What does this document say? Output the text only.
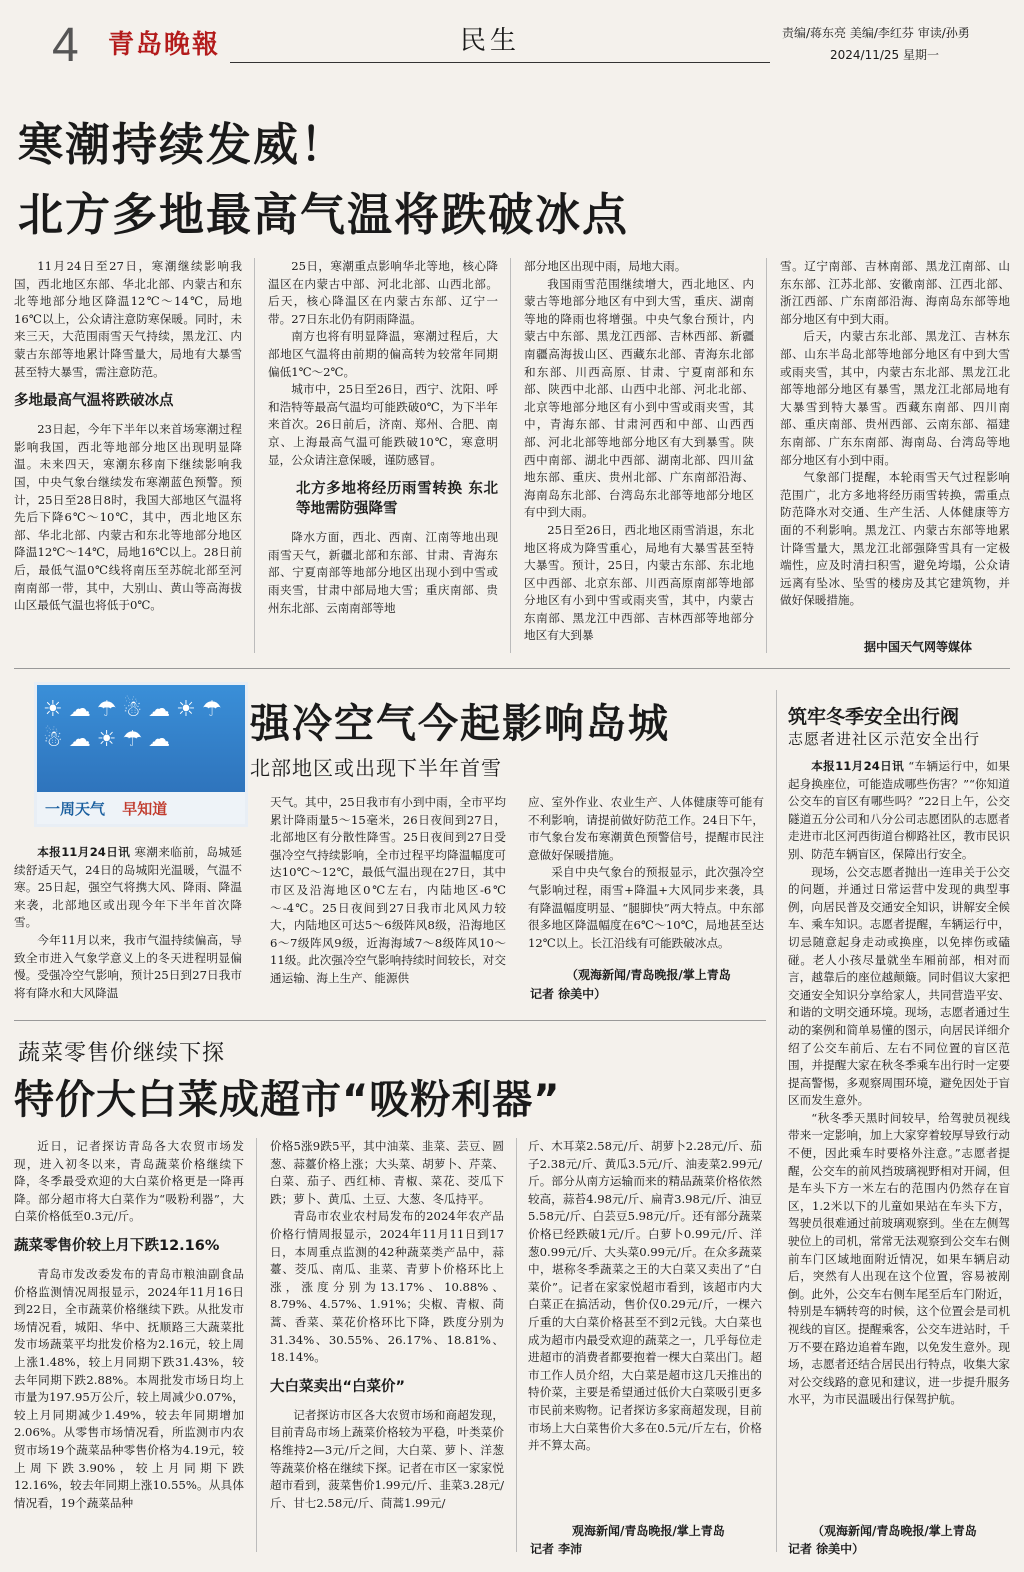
4 青岛晚報	民生	责编/蒋东亮 美编/李红芬 审读/孙勇
2024/11/25 星期一
寒潮持续发威！
北方多地最高气温将跌破冰点

11月24日至27日，寒潮继续影响我国，西北地区东部、华北北部、内蒙古和东北等地部分地区降温12℃～14℃，局地16℃以上，公众请注意防寒保暖。同时，未来三天，大范围雨雪天气持续，黑龙江、内蒙古东部等地累计降雪量大，局地有大暴雪甚至特大暴雪，需注意防范。

多地最高气温将跌破冰点

23日起，今年下半年以来首场寒潮过程影响我国，西北等地部分地区出现明显降温。未来四天，寒潮东移南下继续影响我国，中央气象台继续发布寒潮蓝色预警。预计，25日至28日8时，我国大部地区气温将先后下降6℃～10℃，其中，西北地区东部、华北北部、内蒙古和东北等地部分地区降温12℃～14℃，局地16℃以上。28日前后，最低气温0℃线将南压至苏皖北部至河南南部一带，其中，大别山、黄山等高海拔山区最低气温也将低于0℃。

25日，寒潮重点影响华北等地，核心降温区在内蒙古中部、河北北部、山西北部。后天，核心降温区在内蒙古东部、辽宁一带。27日东北仍有阴雨降温。

南方也将有明显降温，寒潮过程后，大部地区气温将由前期的偏高转为较常年同期偏低1℃～2℃。

城市中，25日至26日，西宁、沈阳、呼和浩特等最高气温均可能跌破0℃，为下半年来首次。26日前后，济南、郑州、合肥、南京、上海最高气温可能跌破10℃，寒意明显，公众请注意保暖，谨防感冒。

北方多地将经历雨雪转换 东北等地需防强降雪

降水方面，西北、西南、江南等地出现雨雪天气，新疆北部和东部、甘肃、青海东部、宁夏南部等地部分地区出现小到中雪或雨夹雪，甘肃中部局地大雪；重庆南部、贵州东北部、云南南部等地

部分地区出现中雨，局地大雨。

我国雨雪范围继续增大，西北地区、内蒙古等地部分地区有中到大雪，重庆、湖南等地的降雨也将增强。中央气象台预计，内蒙古中东部、黑龙江西部、吉林西部、新疆南疆高海拔山区、西藏东北部、青海东北部和东部、川西高原、甘肃、宁夏南部和东部、陕西中北部、山西中北部、河北北部、北京等地部分地区有小到中雪或雨夹雪，其中，青海东部、甘肃河西和中部、山西西部、河北北部等地部分地区有大到暴雪。陕西中南部、湖北中西部、湖南北部、四川盆地东部、重庆、贵州北部、广东南部沿海、海南岛东北部、台湾岛东北部等地部分地区有中到大雨。

25日至26日，西北地区雨雪消退，东北地区将成为降雪重心，局地有大暴雪甚至特大暴雪。预计，25日，内蒙古东部、东北地区中西部、北京东部、川西高原南部等地部分地区有小到中雪或雨夹雪，其中，内蒙古东南部、黑龙江中西部、吉林西部等地部分地区有大到暴

雪。辽宁南部、吉林南部、黑龙江南部、山东东部、江苏北部、安徽南部、江西北部、浙江西部、广东南部沿海、海南岛东部等地部分地区有中到大雨。

后天，内蒙古东北部、黑龙江、吉林东部、山东半岛北部等地部分地区有中到大雪或雨夹雪，其中，内蒙古东北部、黑龙江北部等地部分地区有暴雪，黑龙江北部局地有大暴雪到特大暴雪。西藏东南部、四川南部、重庆南部、贵州西部、云南东部、福建东南部、广东东南部、海南岛、台湾岛等地部分地区有小到中雨。

气象部门提醒，本轮雨雪天气过程影响范围广，北方多地将经历雨雪转换，需重点防范降水对交通、生产生活、人体健康等方面的不利影响。黑龙江、内蒙古东部等地累计降雪量大，黑龙江北部强降雪具有一定极端性，应及时清扫积雪，避免垮塌，公众请远离有坠冰、坠雪的楼房及其它建筑物，并做好保暖措施。

据中国天气网等媒体
☀☁☂☃☁☀☂☃☁☀☂☁
一周天气 早知道
强冷空气今起影响岛城
北部地区或出现下半年首雪

本报11月24日讯 寒潮来临前，岛城延续舒适天气，24日的岛城阳光温暖，气温不寒。25日起，强空气将携大风、降雨、降温来袭，北部地区或出现今年下半年首次降雪。

今年11月以来，我市气温持续偏高，导致全市进入气象学意义上的冬天进程明显偏慢。受强冷空气影响，预计25日到27日我市将有降水和大风降温

天气。其中，25日我市有小到中雨，全市平均累计降雨量5～15毫米，26日夜间到27日，北部地区有分散性降雪。25日夜间到27日受强冷空气持续影响，全市过程平均降温幅度可达10℃～12℃，最低气温出现在27日，其中市区及沿海地区0℃左右，内陆地区-6℃～-4℃。25日夜间到27日我市北风风力较大，内陆地区可达5～6级阵风8级，沿海地区6～7级阵风9级，近海海域7～8级阵风10～11级。此次强冷空气影响持续时间较长，对交通运输、海上生产、能源供

应、室外作业、农业生产、人体健康等可能有不利影响，请提前做好防范工作。24日下午，市气象台发布寒潮黄色预警信号，提醒市民注意做好保暖措施。

采自中央气象台的预报显示，此次强冷空气影响过程，雨雪+降温+大风同步来袭，具有降温幅度明显、“腿脚快”两大特点。中东部很多地区降温幅度在6℃～10℃，局地甚至达12℃以上。长江沿线有可能跌破冰点。

（观海新闻/青岛晚报/掌上青岛
记者 徐美中）
筑牢冬季安全出行阀
志愿者进社区示范安全出行

本报11月24日讯 “车辆运行中，如果起身换座位，可能造成哪些伤害？”“你知道公交车的盲区有哪些吗？”22日上午，公交隧道五分公司和八分公司志愿团队的志愿者走进市北区河西街道台柳路社区，教市民识别、防范车辆盲区，保障出行安全。

现场，公交志愿者抛出一连串关于公交的问题，并通过日常运营中发现的典型事例，向居民普及交通安全知识，讲解安全候车、乘车知识。志愿者提醒，车辆运行中，切忌随意起身走动或换座，以免摔伤或磕碰。老人小孩尽量就坐车厢前部，相对而言，越靠后的座位越颠簸。同时倡议大家把交通安全知识分享给家人，共同营造平安、和谐的文明交通环境。现场，志愿者通过生动的案例和简单易懂的图示，向居民详细介绍了公交车前后、左右不同位置的盲区范围，并提醒大家在秋冬季乘车出行时一定要提高警惕，多观察周围环境，避免因处于盲区而发生意外。

“秋冬季天黑时间较早，给驾驶员视线带来一定影响，加上大家穿着较厚导致行动不便，因此乘车时要格外注意。”志愿者提醒，公交车的前风挡玻璃视野相对开阔，但是车头下方一米左右的范围内仍然存在盲区，1.2米以下的儿童如果站在车头下方，驾驶员很难通过前玻璃观察到。坐在左侧驾驶位上的司机，常常无法观察到公交车右侧前车门区域地面附近情况，如果车辆启动后，突然有人出现在这个位置，容易被剐倒。此外，公交车右侧车尾至后车门附近，特别是车辆转弯的时候，这个位置会是司机视线的盲区。提醒乘客，公交车进站时，千万不要在路边追着车跑，以免发生意外。现场，志愿者还结合居民出行特点，收集大家对公交线路的意见和建议，进一步提升服务水平，为市民温暖出行保驾护航。

（观海新闻/青岛晚报/掌上青岛
记者 徐美中）
蔬菜零售价继续下探
特价大白菜成超市“吸粉利器”

近日，记者探访青岛各大农贸市场发现，进入初冬以来，青岛蔬菜价格继续下降，冬季最受欢迎的大白菜价格更是一降再降。部分超市将大白菜作为“吸粉利器”，大白菜价格低至0.3元/斤。

蔬菜零售价较上月下跌12.16%

青岛市发改委发布的青岛市粮油副食品价格监测情况周报显示，2024年11月16日到22日，全市蔬菜价格继续下跌。从批发市场情况看，城阳、华中、抚顺路三大蔬菜批发市场蔬菜平均批发价格为2.16元，较上周上涨1.48%，较上月同期下跌31.43%，较去年同期下跌2.88%。本周批发市场日均上市量为197.95万公斤，较上周减少0.07%，较上月同期减少1.49%，较去年同期增加2.06%。从零售市场情况看，所监测市内农贸市场19个蔬菜品种零售价格为4.19元，较上周下跌3.90%，较上月同期下跌12.16%，较去年同期上涨10.55%。从具体情况看，19个蔬菜品种

价格5涨9跌5平，其中油菜、韭菜、芸豆、圆葱、蒜薹价格上涨；大头菜、胡萝卜、芹菜、白菜、茄子、西红柿、青椒、菜花、茭瓜下跌；萝卜、黄瓜、土豆、大葱、冬瓜持平。

青岛市农业农村局发布的2024年农产品价格行情周报显示，2024年11月11日到17日，本周重点监测的42种蔬菜类产品中，蒜薹、茭瓜、南瓜、韭菜、青萝卜价格环比上涨，涨度分别为13.17%、10.88%、8.79%、4.57%、1.91%；尖椒、青椒、茼蒿、香菜、菜花价格环比下降，跌度分别为31.34%、30.55%、26.17%、18.81%、18.14%。

大白菜卖出“白菜价”

记者探访市区各大农贸市场和商超发现，目前青岛市场上蔬菜价格较为平稳，叶类菜价格维持2—3元/斤之间，大白菜、萝卜、洋葱等蔬菜价格在继续下探。记者在市区一家家悦超市看到，菠菜售价1.99元/斤、韭菜3.28元/斤、甘七2.58元/斤、茼蒿1.99元/

斤、木耳菜2.58元/斤、胡萝卜2.28元/斤、茄子2.38元/斤、黄瓜3.5元/斤、油麦菜2.99元/斤。部分从南方运输而来的精品蔬菜价格依然较高，蒜苔4.98元/斤、扁青3.98元/斤、油豆5.58元/斤、白芸豆5.98元/斤。还有部分蔬菜价格已经跌破1元/斤。白萝卜0.99元/斤、洋葱0.99元/斤、大头菜0.99元/斤。在众多蔬菜中，堪称冬季蔬菜之王的大白菜又卖出了“白菜价”。记者在家家悦超市看到，该超市内大白菜正在搞活动，售价仅0.29元/斤，一棵六斤重的大白菜价格甚至不到2元钱。大白菜也成为超市内最受欢迎的蔬菜之一，几乎每位走进超市的消费者都要抱着一棵大白菜出门。超市工作人员介绍，大白菜是超市这几天推出的特价菜，主要是希望通过低价大白菜吸引更多市民前来购物。记者探访多家商超发现，目前市场上大白菜售价大多在0.5元/斤左右，价格并不算太高。

观海新闻/青岛晚报/掌上青岛
记者 李沛
